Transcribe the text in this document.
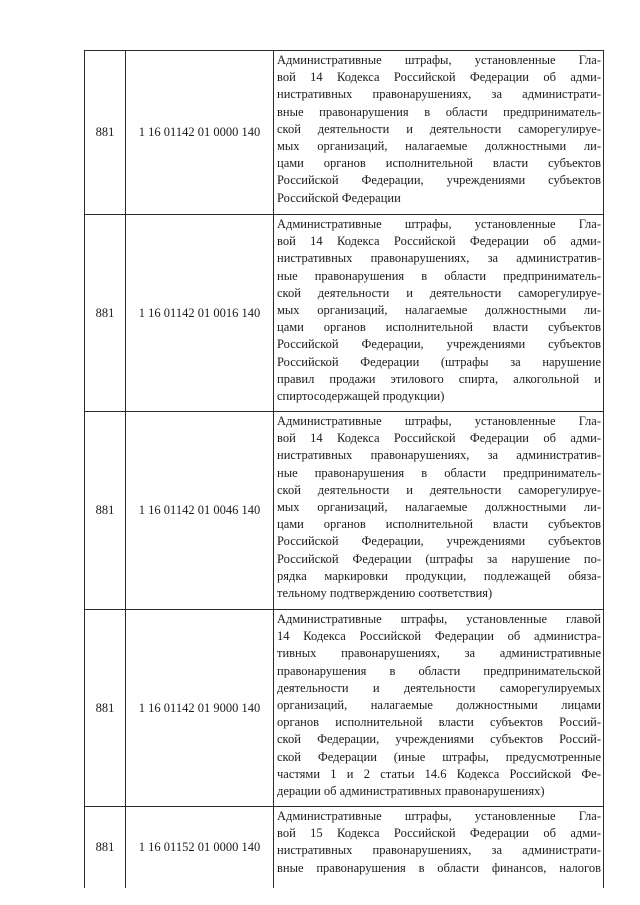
881	1 16 01142 01 0000 140
Административные штрафы, установленные Гла-
вой 14 Кодекса Российской Федерации об адми-
нистративных правонарушениях, за администрати-
вные правонарушения в области предприниматель-
ской деятельности и деятельности саморегулируе-
мых организаций, налагаемые должностными ли-
цами органов исполнительной власти субъектов
Российской Федерации, учреждениями субъектов
Российской Федерации
881	1 16 01142 01 0016 140
Административные штрафы, установленные Гла-
вой 14 Кодекса Российской Федерации об адми-
нистративных правонарушениях, за административ-
ные правонарушения в области предприниматель-
ской деятельности и деятельности саморегулируе-
мых организаций, налагаемые должностными ли-
цами органов исполнительной власти субъектов
Российской Федерации, учреждениями субъектов
Российской Федерации (штрафы за нарушение
правил продажи этилового спирта, алкогольной и
спиртосодержащей продукции)
881	1 16 01142 01 0046 140
Административные штрафы, установленные Гла-
вой 14 Кодекса Российской Федерации об адми-
нистративных правонарушениях, за административ-
ные правонарушения в области предприниматель-
ской деятельности и деятельности саморегулируе-
мых организаций, налагаемые должностными ли-
цами органов исполнительной власти субъектов
Российской Федерации, учреждениями субъектов
Российской Федерации (штрафы за нарушение по-
рядка маркировки продукции, подлежащей обяза-
тельному подтверждению соответствия)
881	1 16 01142 01 9000 140
Административные штрафы, установленные главой
14 Кодекса Российской Федерации об администра-
тивных правонарушениях, за административные
правонарушения в области предпринимательской
деятельности и деятельности саморегулируемых
организаций, налагаемые должностными лицами
органов исполнительной власти субъектов Россий-
ской Федерации, учреждениями субъектов Россий-
ской Федерации (иные штрафы, предусмотренные
частями 1 и 2 статьи 14.6 Кодекса Российской Фе-
дерации об административных правонарушениях)
881	1 16 01152 01 0000 140
Административные штрафы, установленные Гла-
вой 15 Кодекса Российской Федерации об адми-
нистративных правонарушениях, за администрати-
вные правонарушения в области финансов, налогов
